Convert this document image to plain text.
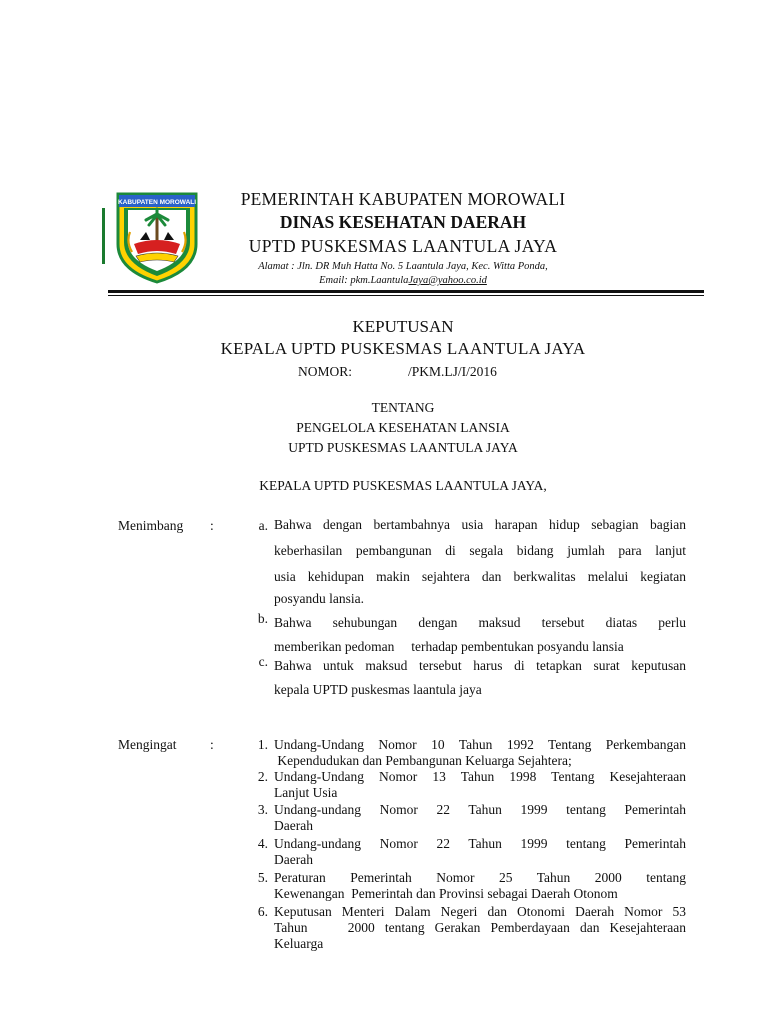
KABUPATEN MOROWALI	PEMERINTAH KABUPATEN MOROWALI
DINAS KESEHATAN DAERAH
UPTD PUSKESMAS LAANTULA JAYA
Alamat : Jln. DR Muh Hatta No. 5 Laantula Jaya, Kec. Witta Ponda,
Email: pkm.LaantulaJaya@yahoo.co.id
KEPUTUSAN
KEPALA UPTD PUSKESMAS LAANTULA JAYA
NOMOR:	/PKM.LJ/I/2016
TENTANG
PENGELOLA KESEHATAN LANSIA
UPTD PUSKESMAS LAANTULA JAYA
KEPALA UPTD PUSKESMAS LAANTULA JAYA,
Menimbang :	a. Bahwa dengan bertambahnya usia harapan hidup sebagian bagian
keberhasilan pembangunan di segala bidang jumlah para lanjut
usia kehidupan makin sejahtera dan berkwalitas melalui kegiatan
posyandu lansia.
b. Bahwa sehubungan dengan maksud tersebut diatas perlu
memberikan pedoman     terhadap pembentukan posyandu lansia
c. Bahwa untuk maksud tersebut harus di tetapkan surat keputusan
kepala UPTD puskesmas laantula jaya
Mengingat :	1. Undang-Undang Nomor 10 Tahun 1992 Tentang Perkembangan
Kependudukan dan Pembangunan Keluarga Sejahtera;
2. Undang-Undang Nomor 13 Tahun 1998 Tentang Kesejahteraan
Lanjut Usia
3. Undang-undang Nomor 22 Tahun 1999 tentang Pemerintah
Daerah
4. Undang-undang Nomor 22 Tahun 1999 tentang Pemerintah
Daerah
5. Peraturan Pemerintah Nomor 25 Tahun 2000 tentang
Kewenangan  Pemerintah dan Provinsi sebagai Daerah Otonom
6. Keputusan Menteri Dalam Negeri dan Otonomi Daerah Nomor 53
Tahun    2000 tentang Gerakan Pemberdayaan dan Kesejahteraan
Keluarga
